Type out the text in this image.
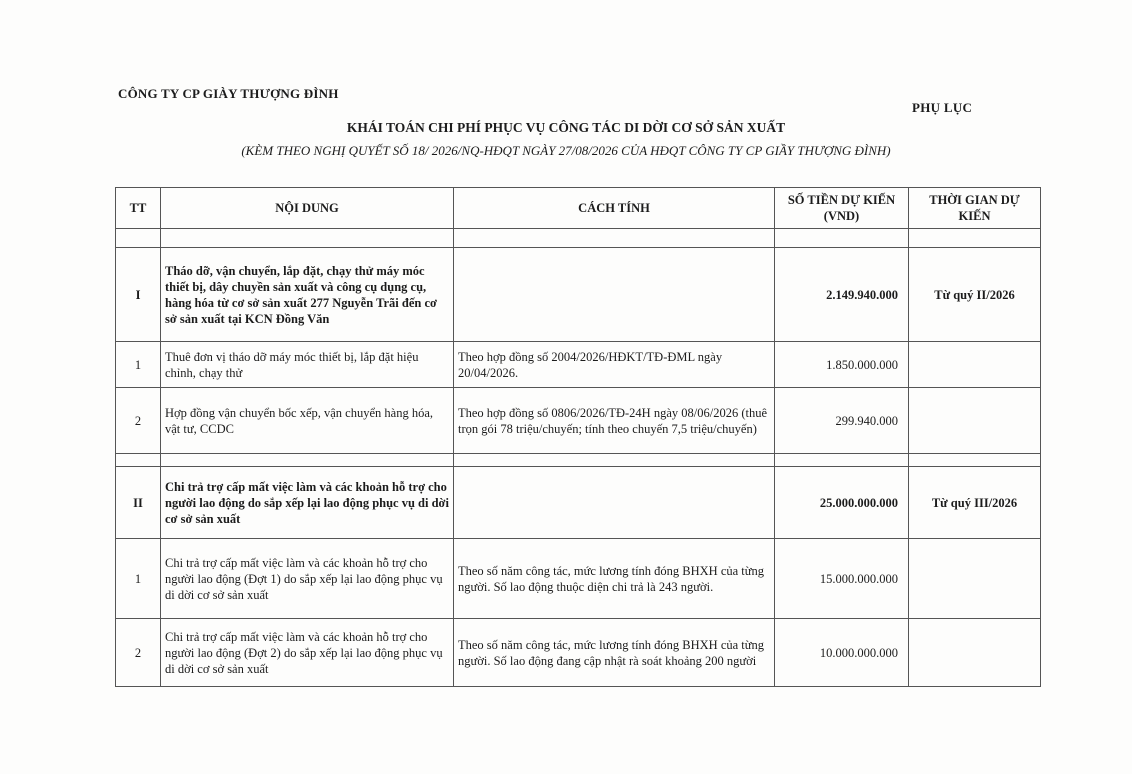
CÔNG TY CP GIÀY THƯỢNG ĐÌNH
PHỤ LỤC
KHÁI TOÁN CHI PHÍ PHỤC VỤ CÔNG TÁC DI DỜI CƠ SỞ SẢN XUẤT
(KÈM THEO NGHỊ QUYẾT SỐ 18/ 2026/NQ-HĐQT NGÀY 27/08/2026 CỦA HĐQT CÔNG TY CP GIẦY THƯỢNG ĐÌNH)
TT	NỘI DUNG	CÁCH TÍNH	SỐ TIỀN DỰ KIẾN (VND)	THỜI GIAN DỰ KIẾN

I	Tháo dỡ, vận chuyển, lắp đặt, chạy thử máy móc thiết bị, dây chuyền sản xuất và công cụ dụng cụ, hàng hóa từ cơ sở sản xuất 277 Nguyễn Trãi đến cơ sở sản xuất tại KCN Đồng Văn		2.149.940.000	Từ quý II/2026
1	Thuê đơn vị tháo dỡ máy móc thiết bị, lắp đặt hiệu chỉnh, chạy thử	Theo hợp đồng số 2004/2026/HĐKT/TĐ-ĐML ngày 20/04/2026.	1.850.000.000	
2	Hợp đồng vận chuyển bốc xếp, vận chuyển hàng hóa, vật tư, CCDC	Theo hợp đồng số 0806/2026/TĐ-24H ngày 08/06/2026 (thuê trọn gói 78 triệu/chuyến; tính theo chuyến 7,5 triệu/chuyến)	299.940.000	

II	Chi trả trợ cấp mất việc làm và các khoản hỗ trợ cho người lao động do sắp xếp lại lao động phục vụ di dời cơ sở sản xuất		25.000.000.000	Từ quý III/2026
1	Chi trả trợ cấp mất việc làm và các khoản hỗ trợ cho người lao động (Đợt 1) do sắp xếp lại lao động phục vụ di dời cơ sở sản xuất	Theo số năm công tác, mức lương tính đóng BHXH của từng người. Số lao động thuộc diện chi trả là 243 người.	15.000.000.000	
2	Chi trả trợ cấp mất việc làm và các khoản hỗ trợ cho người lao động (Đợt 2) do sắp xếp lại lao động phục vụ di dời cơ sở sản xuất	Theo số năm công tác, mức lương tính đóng BHXH của từng người. Số lao động đang cập nhật rà soát khoảng 200 người	10.000.000.000	
